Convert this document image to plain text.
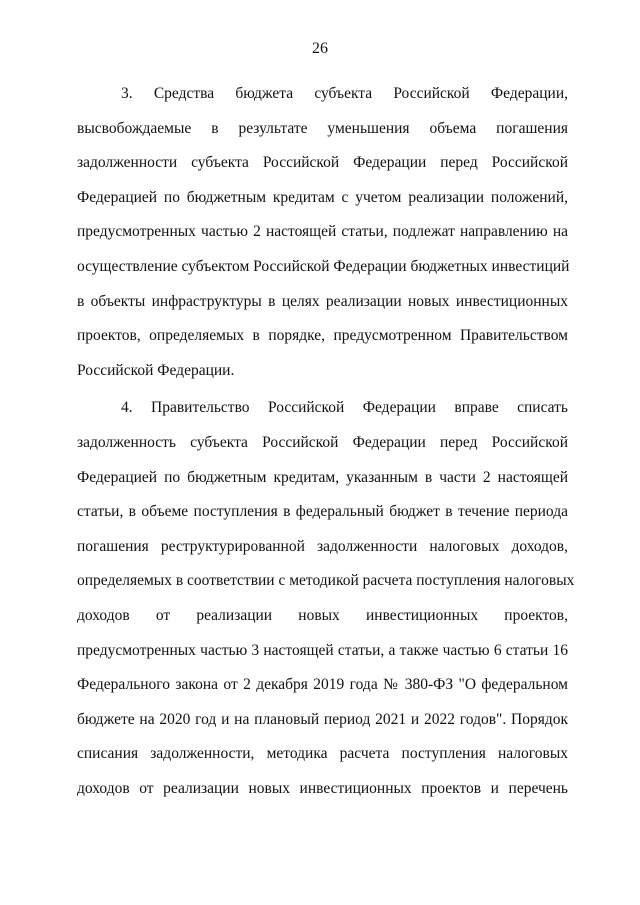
26

3. Средства бюджета субъекта Российской Федерации,
высвобождаемые в результате уменьшения объема погашения
задолженности субъекта Российской Федерации перед Российской
Федерацией по бюджетным кредитам с учетом реализации положений,
предусмотренных частью 2 настоящей статьи, подлежат направлению на
осуществление субъектом Российской Федерации бюджетных инвестиций
в объекты инфраструктуры в целях реализации новых инвестиционных
проектов, определяемых в порядке, предусмотренном Правительством
Российской Федерации.

4. Правительство Российской Федерации вправе списать
задолженность субъекта Российской Федерации перед Российской
Федерацией по бюджетным кредитам, указанным в части 2 настоящей
статьи, в объеме поступления в федеральный бюджет в течение периода
погашения реструктурированной задолженности налоговых доходов,
определяемых в соответствии с методикой расчета поступления налоговых
доходов от реализации новых инвестиционных проектов,
предусмотренных частью 3 настоящей статьи, а также частью 6 статьи 16
Федерального закона от 2 декабря 2019 года № 380-ФЗ "О федеральном
бюджете на 2020 год и на плановый период 2021 и 2022 годов". Порядок
списания задолженности, методика расчета поступления налоговых
доходов от реализации новых инвестиционных проектов и перечень
